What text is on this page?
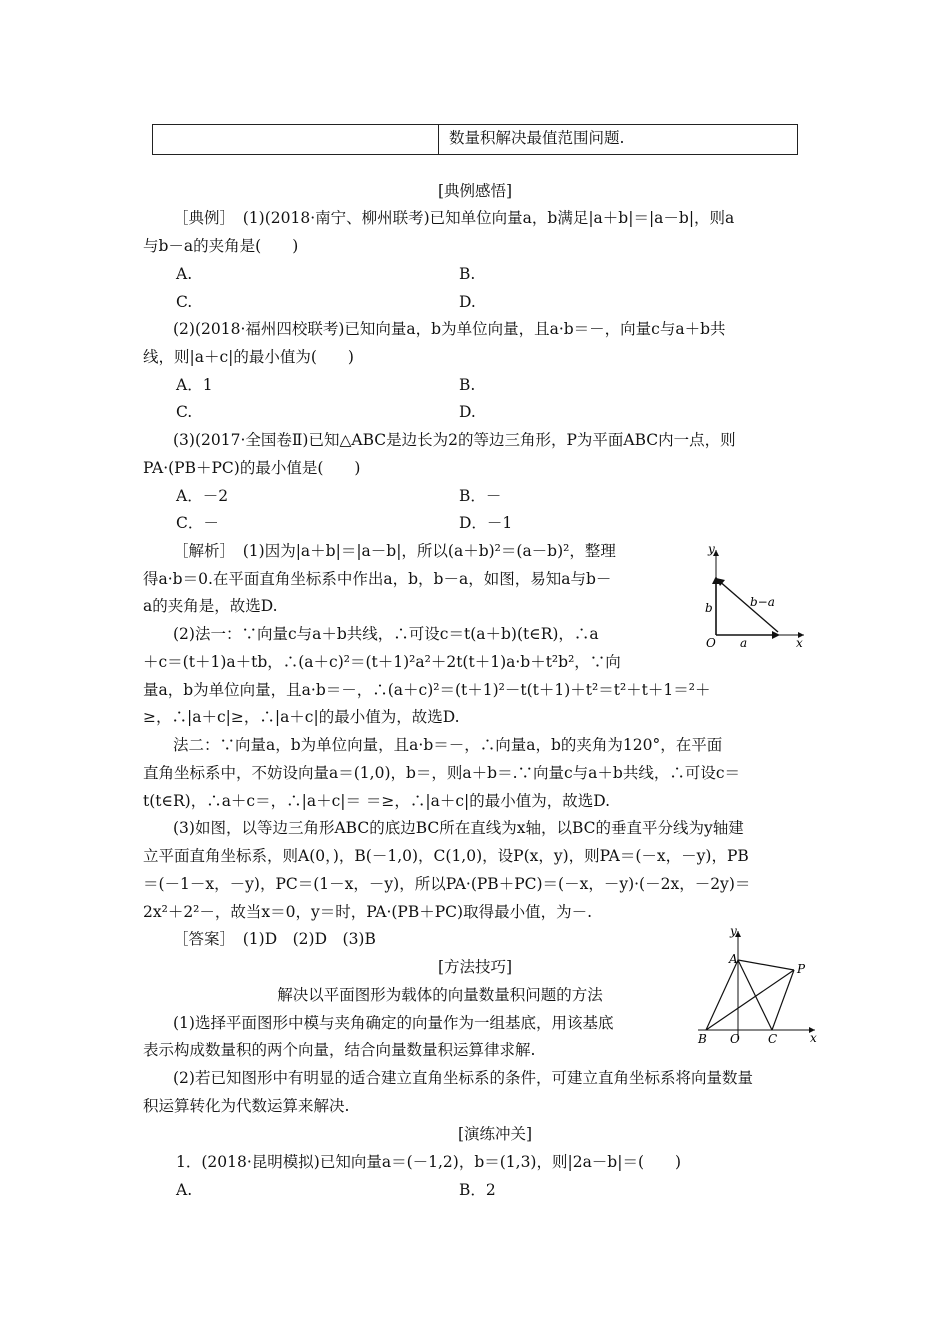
数量积解决最值范围问题.
[典例感悟]
［典例］　(1)(2018·南宁、柳州联考)已知单位向量a，b满足|a＋b|＝|a－b|，则a
与b－a的夹角是(　　)
A.	B.
C.	D.
(2)(2018·福州四校联考)已知向量a，b为单位向量，且a·b＝－，向量c与a＋b共
线，则|a＋c|的最小值为(　　)
A．1	B.
C.	D.
(3)(2017·全国卷Ⅱ)已知△ABC是边长为2的等边三角形，P为平面ABC内一点，则
PA·(PB＋PC)的最小值是(　　)
A．－2	B．－
C．－	D．－1
［解析］　(1)因为|a＋b|＝|a－b|，所以(a＋b)²＝(a－b)²，整理
得a·b＝0.在平面直角坐标系中作出a，b，b－a，如图，易知a与b－
a的夹角是，故选D.
(2)法一：∵向量c与a＋b共线，∴可设c＝t(a＋b)(t∈R)，∴a
＋c＝(t＋1)a＋tb，∴(a＋c)²＝(t＋1)²a²＋2t(t＋1)a·b＋t²b²，∵向
量a，b为单位向量，且a·b＝－，∴(a＋c)²＝(t＋1)²－t(t＋1)＋t²＝t²＋t＋1＝²＋
≥，∴|a＋c|≥，∴|a＋c|的最小值为，故选D.
法二：∵向量a，b为单位向量，且a·b＝－，∴向量a，b的夹角为120°，在平面
直角坐标系中，不妨设向量a＝(1,0)，b＝，则a＋b＝.∵向量c与a＋b共线，∴可设c＝
t(t∈R)，∴a＋c＝，∴|a＋c|＝ ＝≥，∴|a＋c|的最小值为，故选D.
(3)如图，以等边三角形ABC的底边BC所在直线为x轴，以BC的垂直平分线为y轴建
立平面直角坐标系，则A(0，)，B(－1,0)，C(1,0)，设P(x，y)，则PA＝(－x，－y)，PB
＝(－1－x，－y)，PC＝(1－x，－y)，所以PA·(PB＋PC)＝(－x，－y)·(－2x，－2y)＝
2x²＋2²－，故当x＝0，y＝时，PA·(PB＋PC)取得最小值，为－.
［答案］　(1)D　(2)D　(3)B
y
x
O a
b	b−a
y
x
A
B	C
O
P
[方法技巧]
解决以平面图形为载体的向量数量积问题的方法
(1)选择平面图形中模与夹角确定的向量作为一组基底，用该基底
表示构成数量积的两个向量，结合向量数量积运算律求解.
(2)若已知图形中有明显的适合建立直角坐标系的条件，可建立直角坐标系将向量数量
积运算转化为代数运算来解决.
[演练冲关]
1．(2018·昆明模拟)已知向量a＝(－1,2)，b＝(1,3)，则|2a－b|＝(　　)
A.	B．2
